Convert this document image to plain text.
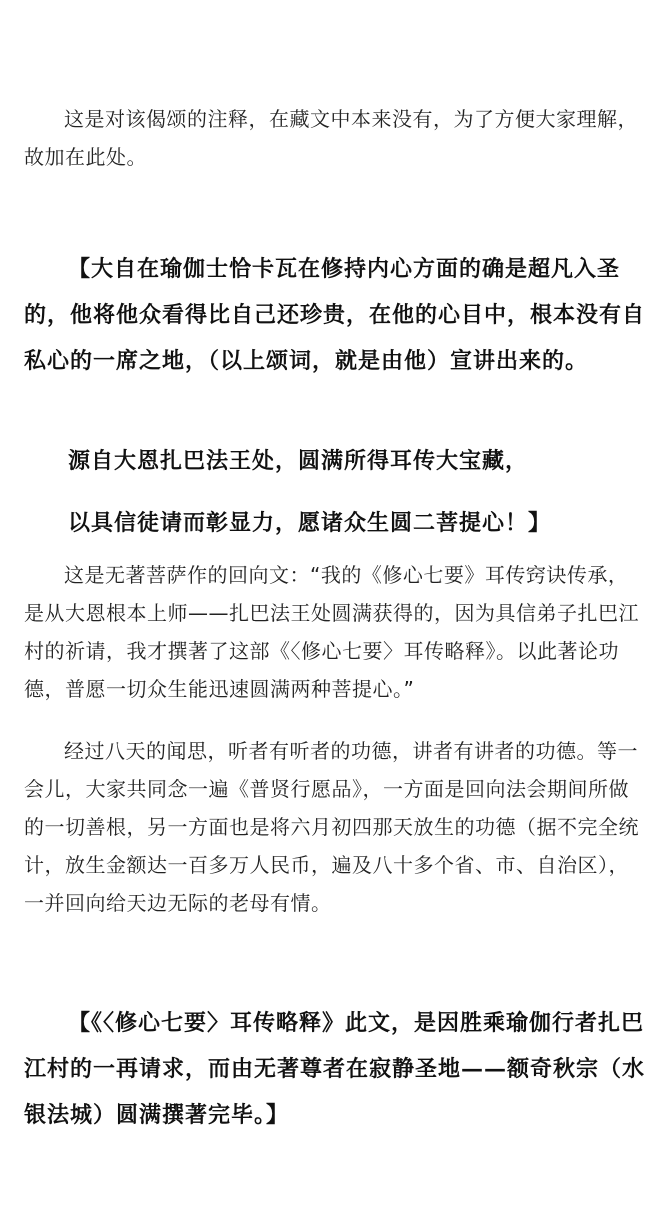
这是对该偈颂的注释，在藏文中本来没有，为了方便大家理解，故加在此处。

【大自在瑜伽士恰卡瓦在修持内心方面的确是超凡入圣的，他将他众看得比自己还珍贵，在他的心目中，根本没有自私心的一席之地，（以上颂词，就是由他）宣讲出来的。

源自大恩扎巴法王处，圆满所得耳传大宝藏，

以具信徒请而彰显力，愿诸众生圆二菩提心！】

这是无著菩萨作的回向文：“我的《修心七要》耳传窍诀传承，是从大恩根本上师——扎巴法王处圆满获得的，因为具信弟子扎巴江村的祈请，我才撰著了这部《〈修心七要〉耳传略释》。以此著论功德，普愿一切众生能迅速圆满两种菩提心。”

经过八天的闻思，听者有听者的功德，讲者有讲者的功德。等一会儿，大家共同念一遍《普贤行愿品》，一方面是回向法会期间所做的一切善根，另一方面也是将六月初四那天放生的功德（据不完全统计，放生金额达一百多万人民币，遍及八十多个省、市、自治区），一并回向给天边无际的老母有情。

【《〈修心七要〉耳传略释》此文，是因胜乘瑜伽行者扎巴江村的一再请求，而由无著尊者在寂静圣地——额奇秋宗（水银法城）圆满撰著完毕。】
